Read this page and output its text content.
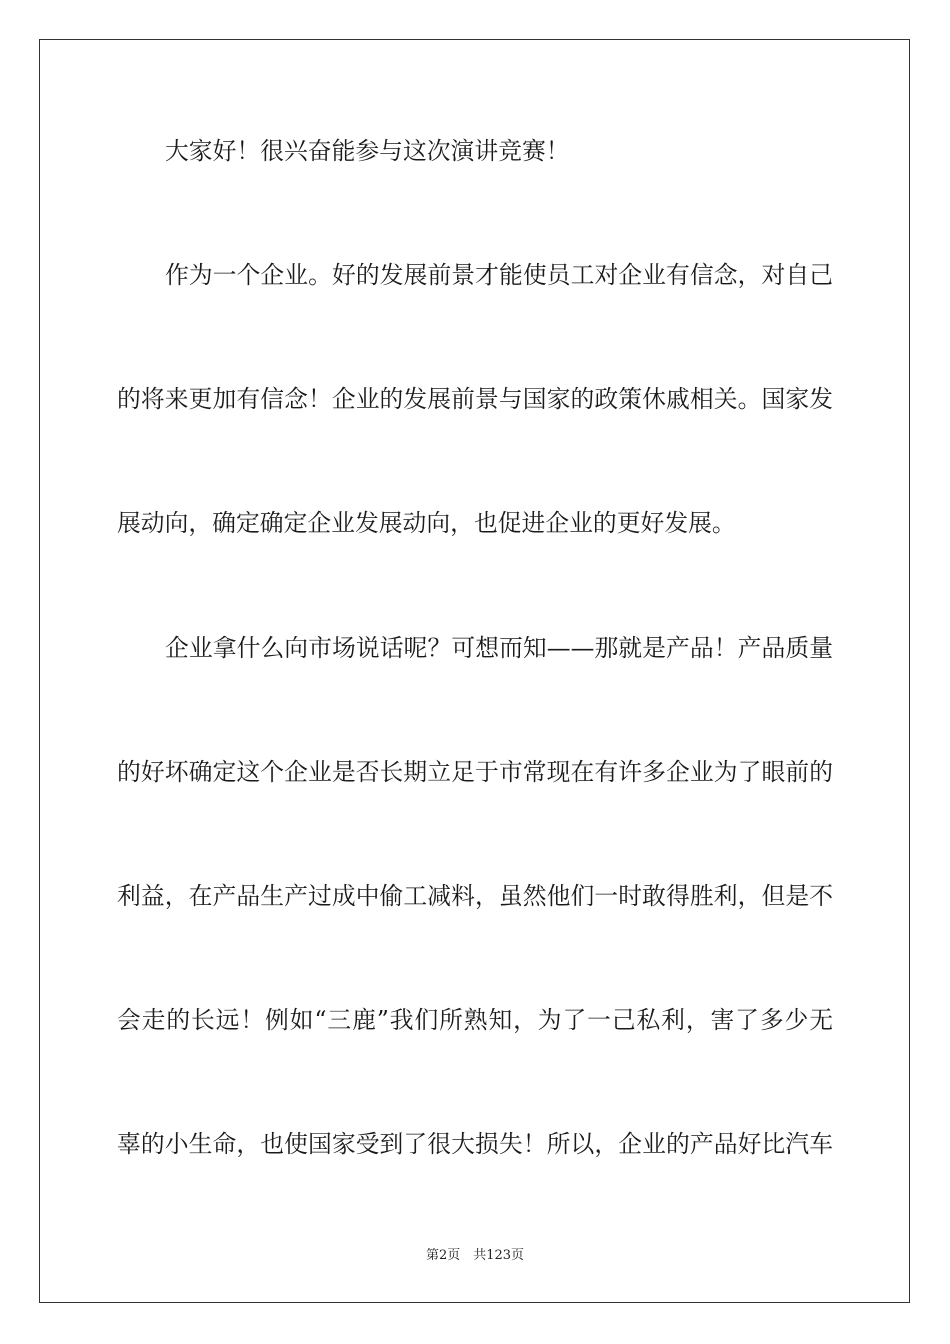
大家好！很兴奋能参与这次演讲竞赛！
作为一个企业。好的发展前景才能使员工对企业有信念，对自己
的将来更加有信念！企业的发展前景与国家的政策休戚相关。国家发
展动向，确定确定企业发展动向，也促进企业的更好发展。
企业拿什么向市场说话呢？可想而知——那就是产品！产品质量
的好坏确定这个企业是否长期立足于市常现在有许多企业为了眼前的
利益，在产品生产过成中偷工减料，虽然他们一时敢得胜利，但是不
会走的长远！例如“三鹿”我们所熟知，为了一己私利，害了多少无
辜的小生命，也使国家受到了很大损失！所以，企业的产品好比汽车
第2页　共123页
